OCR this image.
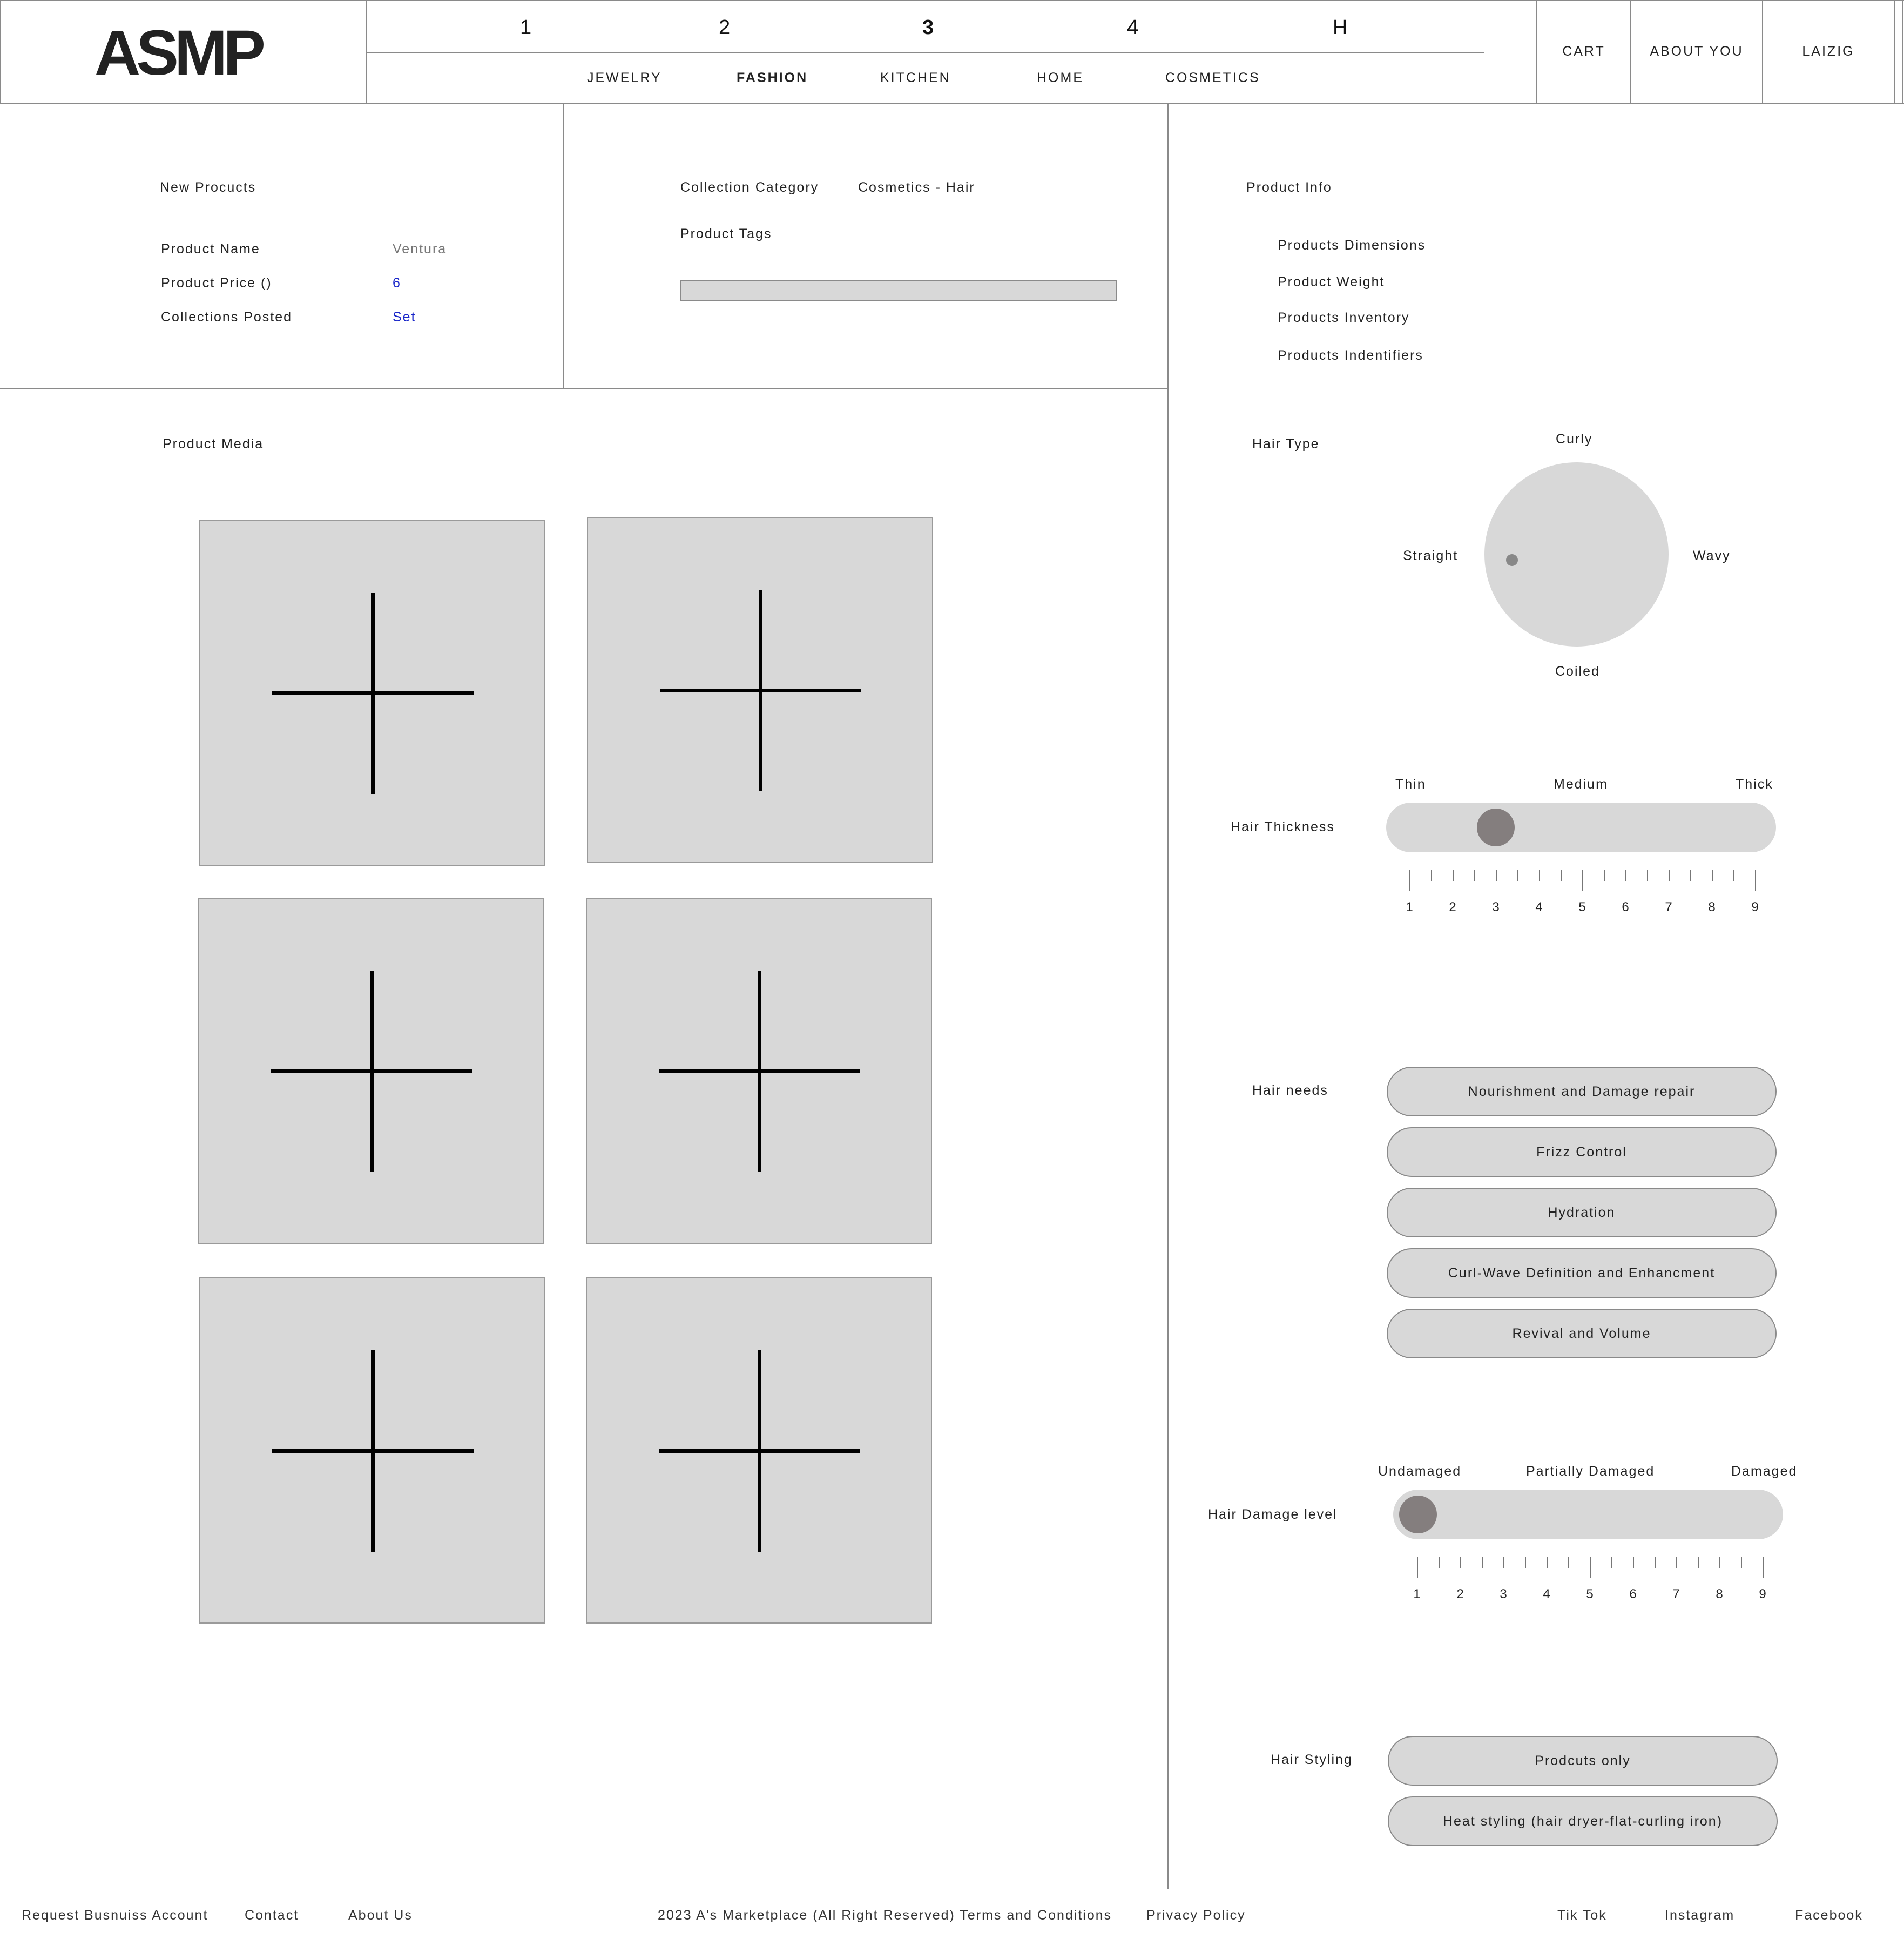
ASMP	1	2	3	4	H
JEWELRY	FASHION	KITCHEN	HOME	COSMETICS
CART	ABOUT YOU	LAIZIG
New Procucts
Product Name	Ventura
Product Price ()	6
Collections Posted	Set
Collection Category	Cosmetics - Hair
Product Tags
Product Info
Products Dimensions
Product Weight
Products Inventory
Products Indentifiers
Product Media	Hair Type	Curly
Straight	Wavy
Coiled
Hair Thickness
Thin	Medium	Thick
1	2	3	4	5	6	7	8	9
Hair needs	Nourishment and Damage repair
Frizz Control
Hydration
Curl-Wave Definition and Enhancment
Revival and Volume
Hair Damage level
Undamaged	Partially Damaged	Damaged
1	2	3	4	5	6	7	8	9
Hair Styling	Prodcuts only
Heat styling (hair dryer-flat-curling iron)
Request Busnuiss Account	Contact	About Us	2023 A's Marketplace (All Right Reserved) Terms and Conditions	Privacy Policy	Tik Tok	Instagram	Facebook
